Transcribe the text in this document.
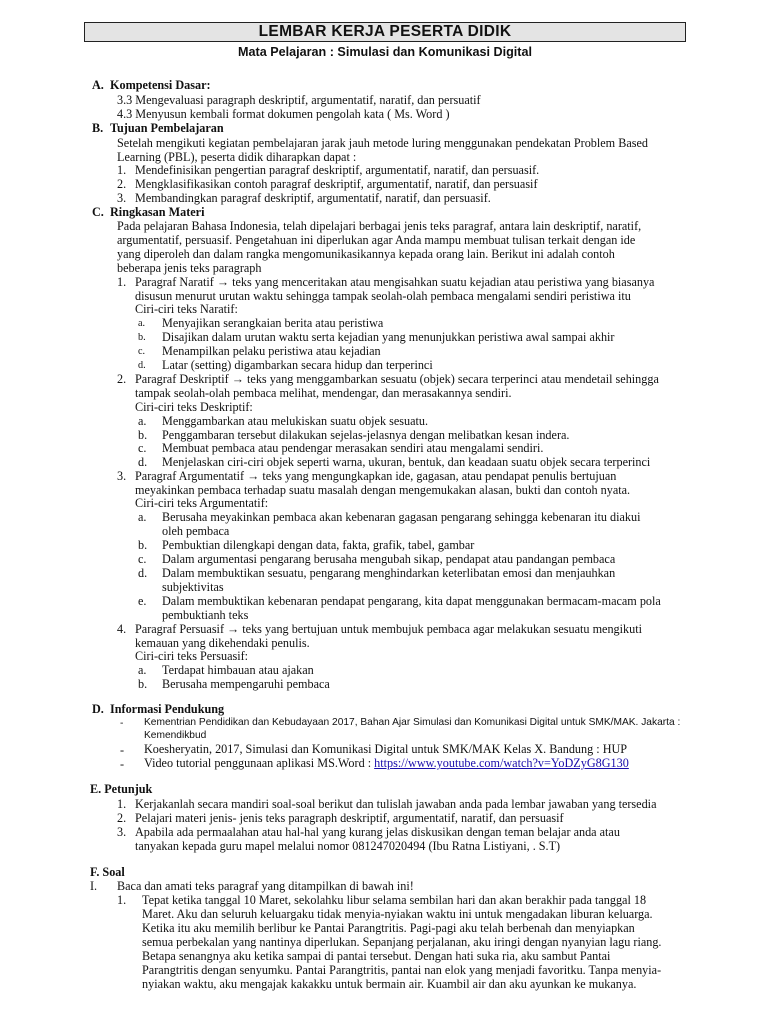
LEMBAR KERJA PESERTA DIDIK
Mata Pelajaran : Simulasi dan Komunikasi Digital
A. Kompetensi Dasar:
3.3 Mengevaluasi paragraph deskriptif, argumentatif, naratif, dan persuatif
4.3 Menyusun kembali format dokumen pengolah kata ( Ms. Word )
B. Tujuan Pembelajaran
Setelah mengikuti kegiatan pembelajaran jarak jauh metode luring menggunakan pendekatan Problem Based
Learning (PBL), peserta didik diharapkan dapat :
1. Mendefinisikan pengertian paragraf deskriptif, argumentatif, naratif, dan persuasif.
2. Mengklasifikasikan contoh paragraf deskriptif, argumentatif, naratif, dan persuasif
3. Membandingkan paragraf deskriptif, argumentatif, naratif, dan persuasif.
C. Ringkasan Materi
Pada pelajaran Bahasa Indonesia, telah dipelajari berbagai jenis teks paragraf, antara lain deskriptif, naratif,
argumentatif, persuasif. Pengetahuan ini diperlukan agar Anda mampu membuat tulisan terkait dengan ide
yang diperoleh dan dalam rangka mengomunikasikannya kepada orang lain. Berikut ini adalah contoh
beberapa jenis teks paragraph
1. Paragraf Naratif → teks yang menceritakan atau mengisahkan suatu kejadian atau peristiwa yang biasanya
disusun menurut urutan waktu sehingga tampak seolah-olah pembaca mengalami sendiri peristiwa itu
Ciri-ciri teks Naratif:
a. Menyajikan serangkaian berita atau peristiwa
b. Disajikan dalam urutan waktu serta kejadian yang menunjukkan peristiwa awal sampai akhir
c. Menampilkan pelaku peristiwa atau kejadian
d. Latar (setting) digambarkan secara hidup dan terperinci
2. Paragraf Deskriptif → teks yang menggambarkan sesuatu (objek) secara terperinci atau mendetail sehingga
tampak seolah-olah pembaca melihat, mendengar, dan merasakannya sendiri.
Ciri-ciri teks Deskriptif:
a. Menggambarkan atau melukiskan suatu objek sesuatu.
b. Penggambaran tersebut dilakukan sejelas-jelasnya dengan melibatkan kesan indera.
c. Membuat pembaca atau pendengar merasakan sendiri atau mengalami sendiri.
d. Menjelaskan ciri-ciri objek seperti warna, ukuran, bentuk, dan keadaan suatu objek secara terperinci
3. Paragraf Argumentatif → teks yang mengungkapkan ide, gagasan, atau pendapat penulis bertujuan
meyakinkan pembaca terhadap suatu masalah dengan mengemukakan alasan, bukti dan contoh nyata.
Ciri-ciri teks Argumentatif:
a. Berusaha meyakinkan pembaca akan kebenaran gagasan pengarang sehingga kebenaran itu diakui
oleh pembaca
b. Pembuktian dilengkapi dengan data, fakta, grafik, tabel, gambar
c. Dalam argumentasi pengarang berusaha mengubah sikap, pendapat atau pandangan pembaca
d. Dalam membuktikan sesuatu, pengarang menghindarkan keterlibatan emosi dan menjauhkan
subjektivitas
e. Dalam membuktikan kebenaran pendapat pengarang, kita dapat menggunakan bermacam-macam pola
pembuktianh teks
4. Paragraf Persuasif → teks yang bertujuan untuk membujuk pembaca agar melakukan sesuatu mengikuti
kemauan yang dikehendaki penulis.
Ciri-ciri teks Persuasif:
a. Terdapat himbauan atau ajakan
b. Berusaha mempengaruhi pembaca
D. Informasi Pendukung
- Kementrian Pendidikan dan Kebudayaan 2017, Bahan Ajar Simulasi dan Komunikasi Digital untuk SMK/MAK. Jakarta :
Kemendikbud
- Koesheryatin, 2017, Simulasi dan Komunikasi Digital untuk SMK/MAK Kelas X. Bandung : HUP
- Video tutorial penggunaan aplikasi MS.Word : https://www.youtube.com/watch?v=YoDZyG8G130
E. Petunjuk
1. Kerjakanlah secara mandiri soal-soal berikut dan tulislah jawaban anda pada lembar jawaban yang tersedia
2. Pelajari materi jenis- jenis teks paragraph deskriptif, argumentatif, naratif, dan persuasif
3. Apabila ada permaalahan atau hal-hal yang kurang jelas diskusikan dengan teman belajar anda atau
tanyakan kepada guru mapel melalui nomor 081247020494 (Ibu Ratna Listiyani, . S.T)
F. Soal
I. Baca dan amati teks paragraf yang ditampilkan di bawah ini!
1. Tepat ketika tanggal 10 Maret, sekolahku libur selama sembilan hari dan akan berakhir pada tanggal 18
Maret. Aku dan seluruh keluargaku tidak menyia-nyiakan waktu ini untuk mengadakan liburan keluarga.
Ketika itu aku memilih berlibur ke Pantai Parangtritis. Pagi-pagi aku telah berbenah dan menyiapkan
semua perbekalan yang nantinya diperlukan. Sepanjang perjalanan, aku iringi dengan nyanyian lagu riang.
Betapa senangnya aku ketika sampai di pantai tersebut. Dengan hati suka ria, aku sambut Pantai
Parangtritis dengan senyumku. Pantai Parangtritis, pantai nan elok yang menjadi favoritku. Tanpa menyia-
nyiakan waktu, aku mengajak kakakku untuk bermain air. Kuambil air dan aku ayunkan ke mukanya.
